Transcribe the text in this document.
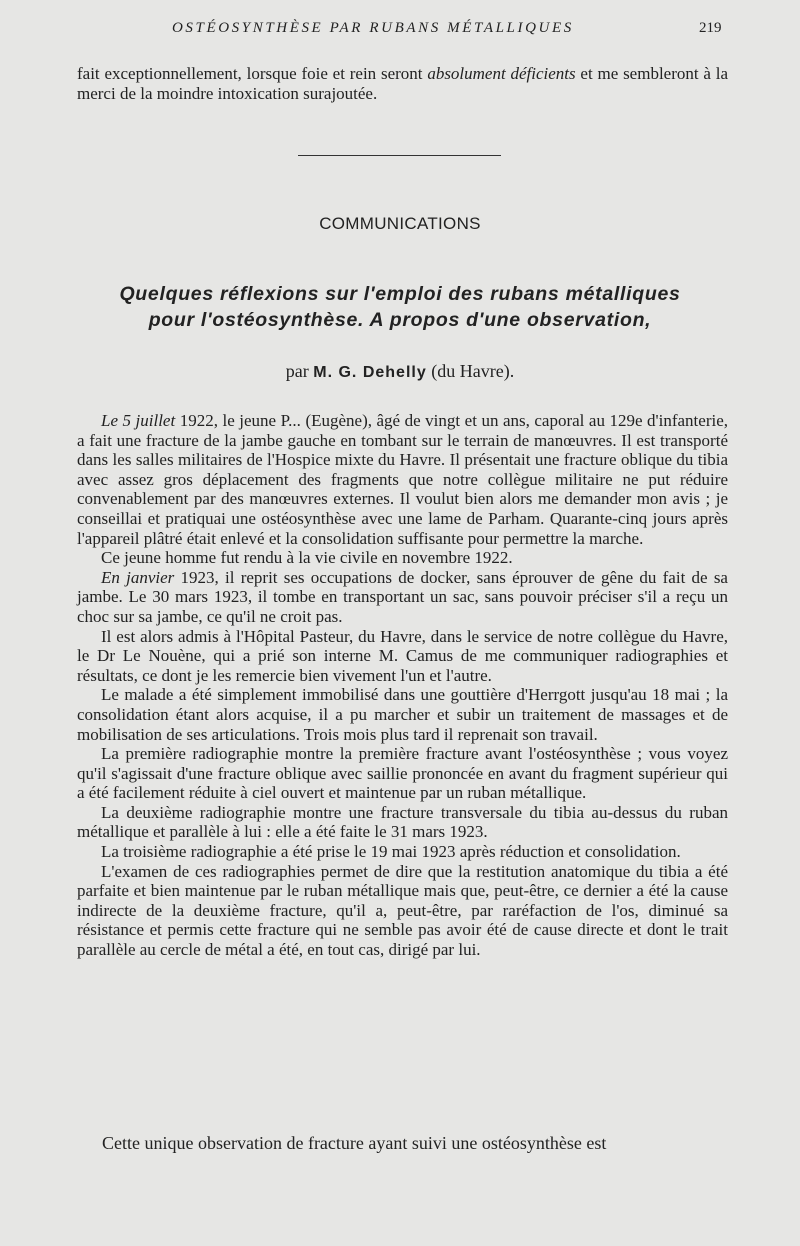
OSTÉOSYNTHÈSE PAR RUBANS MÉTALLIQUES	219

fait exceptionnellement, lorsque foie et rein seront absolument déficients et me sembleront à la merci de la moindre intoxication surajoutée.

COMMUNICATIONS
Quelques réflexions sur l'emploi des rubans métalliques
pour l'ostéosynthèse. A propos d'une observation,
par M. G. Dehelly (du Havre).

Le 5 juillet 1922, le jeune P... (Eugène), âgé de vingt et un ans, caporal au 129e d'infanterie, a fait une fracture de la jambe gauche en tombant sur le terrain de manœuvres. Il est transporté dans les salles militaires de l'Hospice mixte du Havre. Il présentait une fracture oblique du tibia avec assez gros déplacement des fragments que notre collègue militaire ne put réduire convenablement par des manœuvres externes. Il voulut bien alors me demander mon avis ; je conseillai et pratiquai une ostéosynthèse avec une lame de Parham. Quarante-cinq jours après l'appareil plâtré était enlevé et la consolidation suffisante pour permettre la marche.

Ce jeune homme fut rendu à la vie civile en novembre 1922.

En janvier 1923, il reprit ses occupations de docker, sans éprouver de gêne du fait de sa jambe. Le 30 mars 1923, il tombe en transportant un sac, sans pouvoir préciser s'il a reçu un choc sur sa jambe, ce qu'il ne croit pas.

Il est alors admis à l'Hôpital Pasteur, du Havre, dans le service de notre collègue du Havre, le Dr Le Nouène, qui a prié son interne M. Camus de me communiquer radiographies et résultats, ce dont je les remercie bien vivement l'un et l'autre.

Le malade a été simplement immobilisé dans une gouttière d'Herrgott jusqu'au 18 mai ; la consolidation étant alors acquise, il a pu marcher et subir un traitement de massages et de mobilisation de ses articulations. Trois mois plus tard il reprenait son travail.

La première radiographie montre la première fracture avant l'ostéosynthèse ; vous voyez qu'il s'agissait d'une fracture oblique avec saillie prononcée en avant du fragment supérieur qui a été facilement réduite à ciel ouvert et maintenue par un ruban métallique.

La deuxième radiographie montre une fracture transversale du tibia au-dessus du ruban métallique et parallèle à lui : elle a été faite le 31 mars 1923.

La troisième radiographie a été prise le 19 mai 1923 après réduction et consolidation.

L'examen de ces radiographies permet de dire que la restitution anatomique du tibia a été parfaite et bien maintenue par le ruban métallique mais que, peut-être, ce dernier a été la cause indirecte de la deuxième fracture, qu'il a, peut-être, par raréfaction de l'os, diminué sa résistance et permis cette fracture qui ne semble pas avoir été de cause directe et dont le trait parallèle au cercle de métal a été, en tout cas, dirigé par lui.

Cette unique observation de fracture ayant suivi une ostéosynthèse est
